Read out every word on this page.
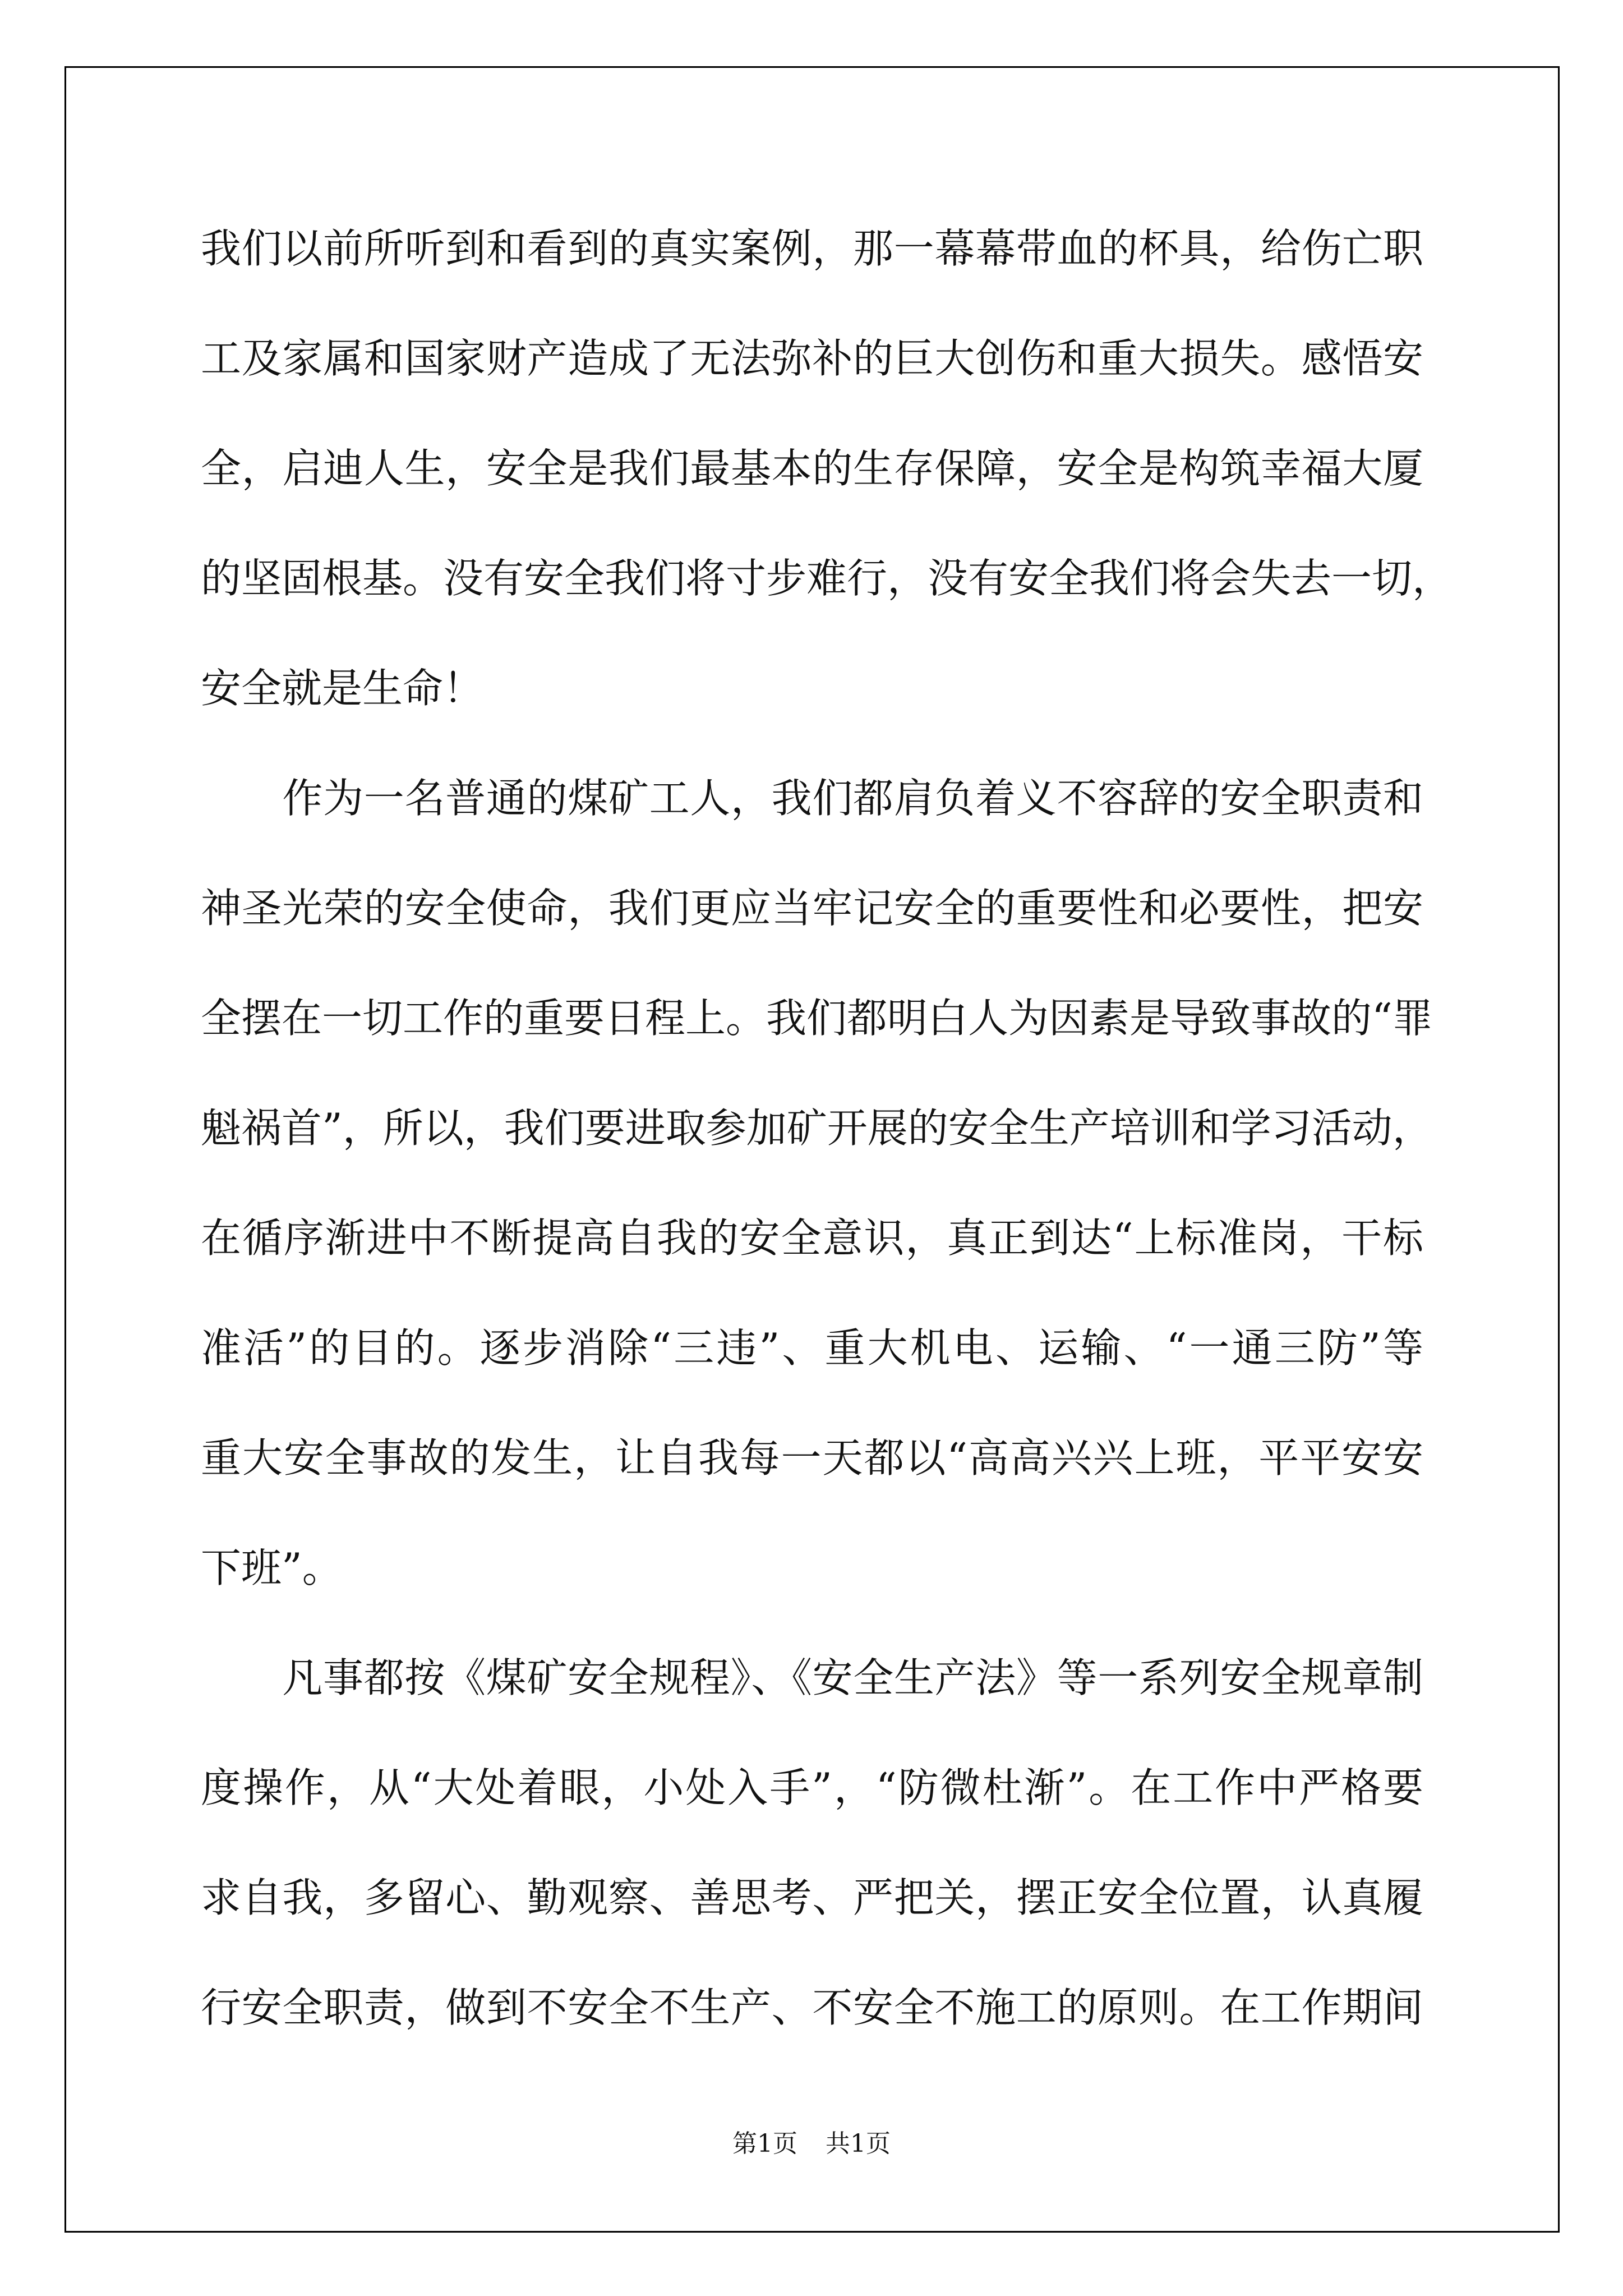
我们以前所听到和看到的真实案例，那一幕幕带血的杯具，给伤亡职
工及家属和国家财产造成了无法弥补的巨大创伤和重大损失。感悟安
全，启迪人生，安全是我们最基本的生存保障，安全是构筑幸福大厦
的坚固根基。没有安全我们将寸步难行，没有安全我们将会失去一切，
安全就是生命！
　　作为一名普通的煤矿工人，我们都肩负着义不容辞的安全职责和
神圣光荣的安全使命，我们更应当牢记安全的重要性和必要性，把安
全摆在一切工作的重要日程上。我们都明白人为因素是导致事故的“罪
魁祸首”，所以，我们要进取参加矿开展的安全生产培训和学习活动，
在循序渐进中不断提高自我的安全意识，真正到达“上标准岗，干标
准活”的目的。逐步消除“三违”、重大机电、运输、“一通三防”等
重大安全事故的发生，让自我每一天都以“高高兴兴上班，平平安安
下班”。
　　凡事都按《煤矿安全规程》、《安全生产法》等一系列安全规章制
度操作，从“大处着眼，小处入手”，“防微杜渐”。在工作中严格要
求自我，多留心、勤观察、善思考、严把关，摆正安全位置，认真履
行安全职责，做到不安全不生产、不安全不施工的原则。在工作期间
第1页 共1页
